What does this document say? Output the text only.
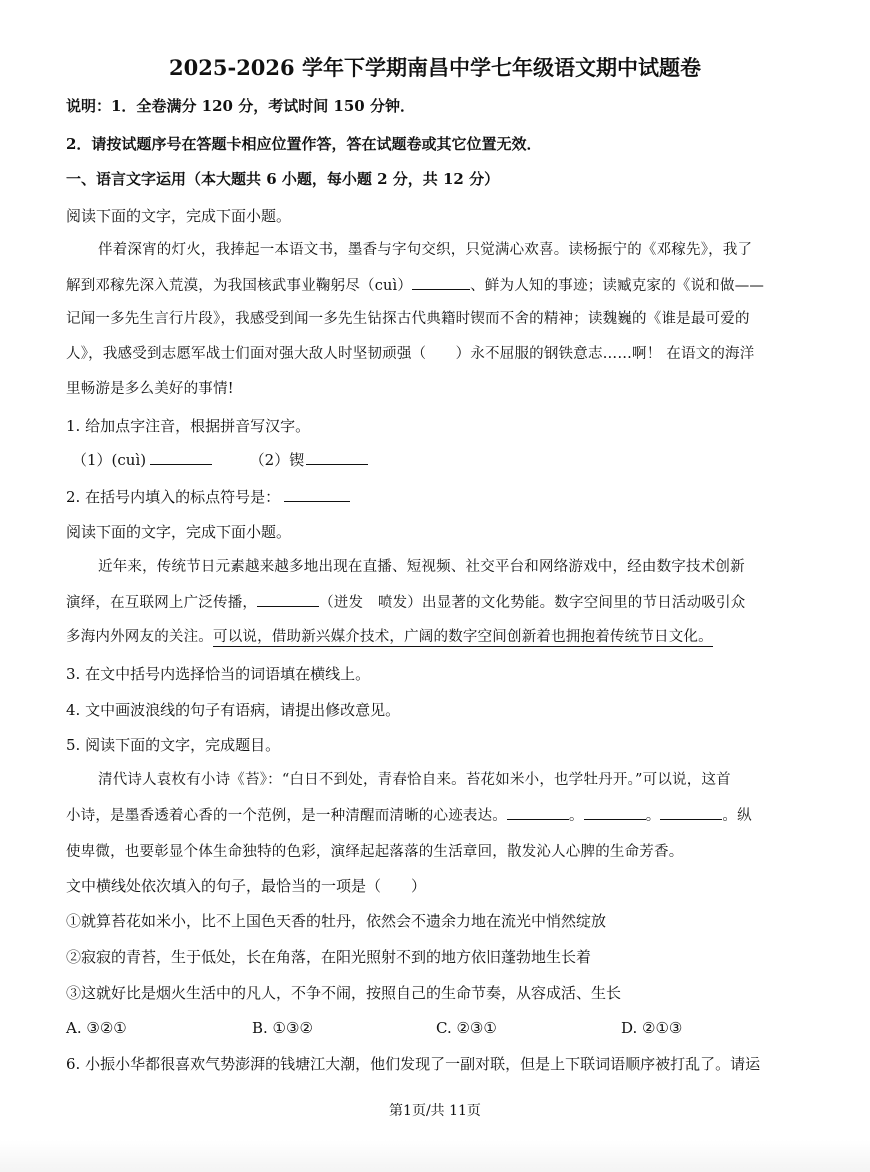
2025-2026 学年下学期南昌中学七年级语文期中试题卷
说明：1．全卷满分 120 分，考试时间 150 分钟．
2．请按试题序号在答题卡相应位置作答，答在试题卷或其它位置无效．
一、语言文字运用（本大题共 6 小题，每小题 2 分，共 12 分）
阅读下面的文字，完成下面小题。
伴着深宵的灯火，我捧起一本语文书，墨香与字句交织，只觉满心欢喜。读杨振宁的《邓稼先》，我了
解到邓稼先深入荒漠，为我国核武事业鞠躬尽（cuì）	、鲜为人知的事迹；读臧克家的《说和做——
记闻一多先生言行片段》，我感受到闻一多先生钻探古代典籍时锲而不舍的精神；读魏巍的《谁是最可爱的
人》，我感受到志愿军战士们面对强大敌人时坚韧顽强（　　）永不屈服的钢铁意志……啊！ 在语文的海洋
里畅游是多么美好的事情!
1. 给加点字注音，根据拼音写汉字。
（1）(cuì)	（2）锲
2. 在括号内填入的标点符号是：
阅读下面的文字，完成下面小题。
近年来，传统节日元素越来越多地出现在直播、短视频、社交平台和网络游戏中，经由数字技术创新
演绎，在互联网上广泛传播，	（迸发　喷发）出显著的文化势能。数字空间里的节日活动吸引众
多海内外网友的关注。可以说，借助新兴媒介技术，广阔的数字空间创新着也拥抱着传统节日文化。
3. 在文中括号内选择恰当的词语填在横线上。
4. 文中画波浪线的句子有语病，请提出修改意见。
5. 阅读下面的文字，完成题目。
清代诗人袁枚有小诗《苔》：“白日不到处，青春恰自来。苔花如米小，也学牡丹开。”可以说，这首
小诗，是墨香透着心香的一个范例，是一种清醒而清晰的心迹表达。	。	。	。纵
使卑微，也要彰显个体生命独特的色彩，演绎起起落落的生活章回，散发沁人心脾的生命芳香。
文中横线处依次填入的句子，最恰当的一项是（　　）
①就算苔花如米小，比不上国色天香的牡丹，依然会不遗余力地在流光中悄然绽放
②寂寂的青苔，生于低处，长在角落，在阳光照射不到的地方依旧蓬勃地生长着
③这就好比是烟火生活中的凡人，不争不闹，按照自己的生命节奏，从容成活、生长
A. ③②①	B. ①③②	C. ②③①	D. ②①③
6. 小振小华都很喜欢气势澎湃的钱塘江大潮，他们发现了一副对联，但是上下联词语顺序被打乱了。请运
第1页/共 11页
